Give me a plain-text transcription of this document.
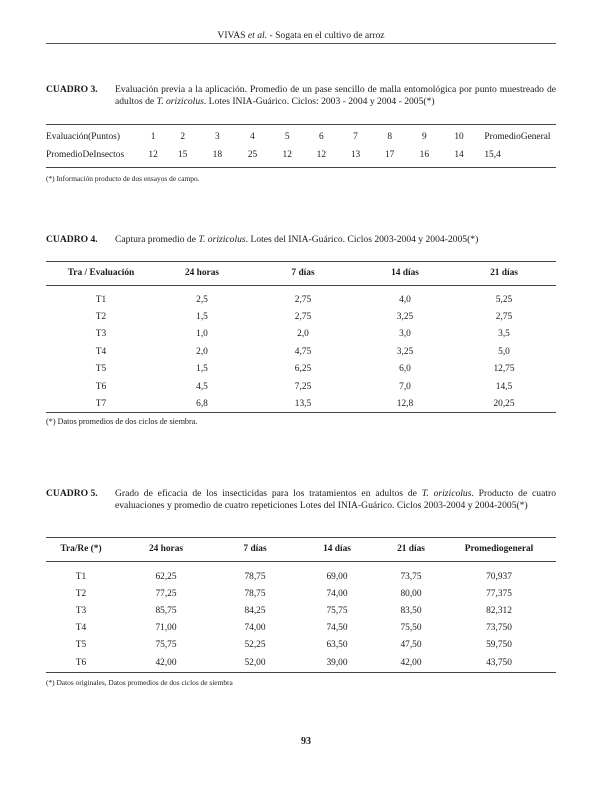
VIVAS et al. - Sogata en el cultivo de arroz
CUADRO 3. Evaluación previa a la aplicación. Promedio de un pase sencillo de malla entomológica por punto muestreado de adultos de T. orizicolus. Lotes INIA-Guárico. Ciclos: 2003 - 2004 y 2004 - 2005(*)
Evaluación(Puntos)	1	2	3	4	5	6	7	8	9	10	PromedioGeneral
PromedioDeInsectos	12	15	18	25	12	12	13	17	16	14	15,4
(*) Información producto de dos ensayos de campo.
CUADRO 4. Captura promedio de T. orizicolus. Lotes del INIA-Guárico. Ciclos 2003-2004 y 2004-2005(*)
Tra / Evaluación	24 horas	7 días	14 días	21 días
T1	2,5	2,75	4,0	5,25
T2	1,5	2,75	3,25	2,75
T3	1,0	2,0	3,0	3,5
T4	2,0	4,75	3,25	5,0
T5	1,5	6,25	6,0	12,75
T6	4,5	7,25	7,0	14,5
T7	6,8	13,5	12,8	20,25
(*) Datos promedios de dos ciclos de siembra.
CUADRO 5. Grado de eficacia de los insecticidas para los tratamientos en adultos de T. orizicolus. Producto de cuatro evaluaciones y promedio de cuatro repeticiones Lotes del INIA-Guárico. Ciclos 2003-2004 y 2004-2005(*)
Tra/Re (*)	24 horas	7 días	14 días	21 días	Promediogeneral
T1	62,25	78,75	69,00	73,75	70,937
T2	77,25	78,75	74,00	80,00	77,375
T3	85,75	84,25	75,75	83,50	82,312
T4	71,00	74,00	74,50	75,50	73,750
T5	75,75	52,25	63,50	47,50	59,750
T6	42,00	52,00	39,00	42,00	43,750
(*) Datos originales, Datos promedios de dos ciclos de siembra
93
